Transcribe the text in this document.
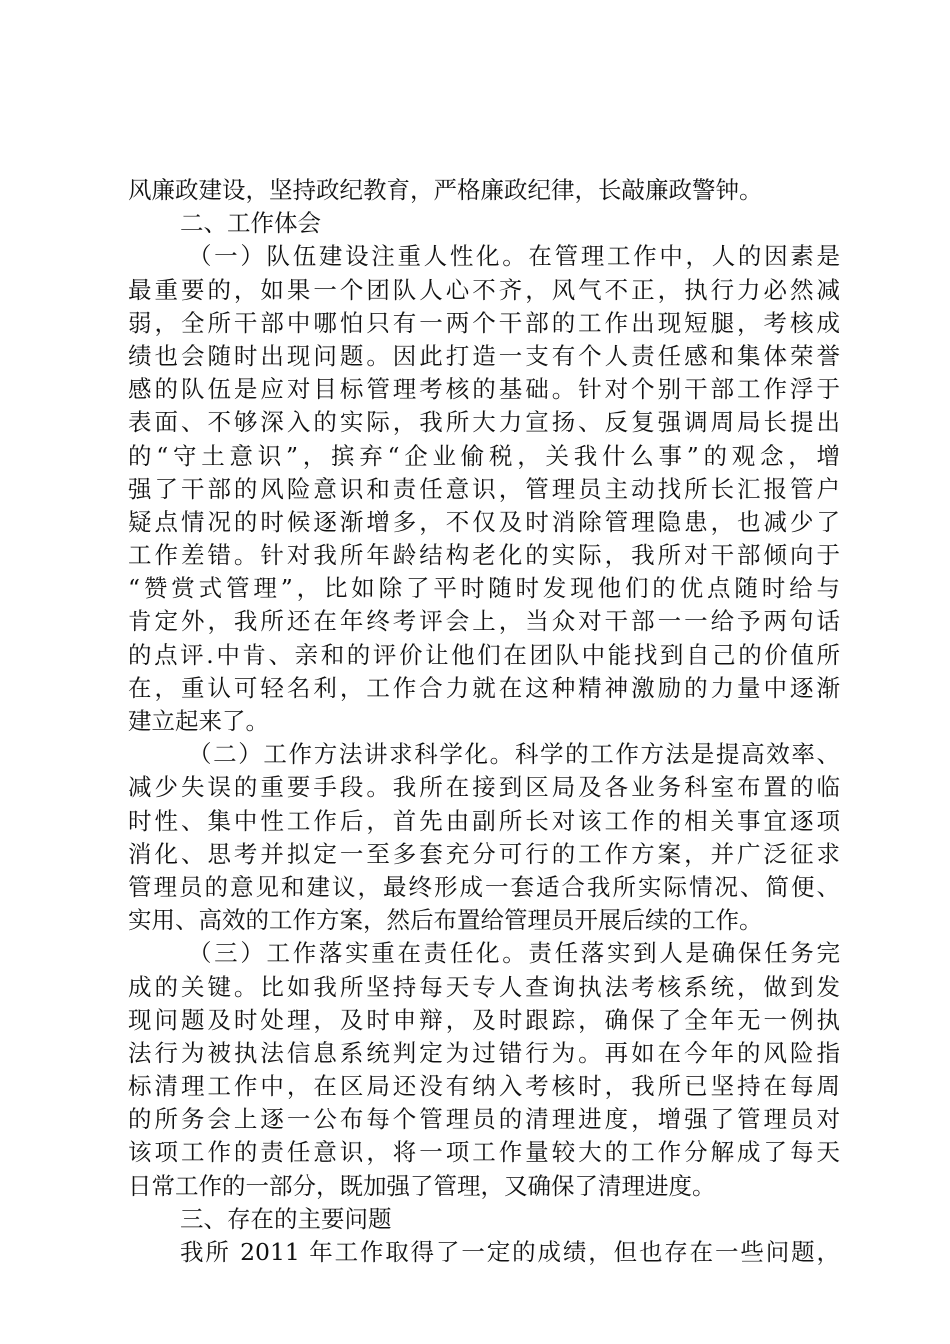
风廉政建设，坚持政纪教育，严格廉政纪律，长敲廉政警钟。
二、工作体会
（一）队伍建设注重人性化。在管理工作中，人的因素是
最重要的，如果一个团队人心不齐，风气不正，执行力必然减
弱，全所干部中哪怕只有一两个干部的工作出现短腿，考核成
绩也会随时出现问题。因此打造一支有个人责任感和集体荣誉
感的队伍是应对目标管理考核的基础。针对个别干部工作浮于
表面、不够深入的实际，我所大力宣扬、反复强调周局长提出
的“守土意识”，摈弃“企业偷税，关我什么事”的观念，增
强了干部的风险意识和责任意识，管理员主动找所长汇报管户
疑点情况的时候逐渐增多，不仅及时消除管理隐患，也减少了
工作差错。针对我所年龄结构老化的实际，我所对干部倾向于
“赞赏式管理”，比如除了平时随时发现他们的优点随时给与
肯定外，我所还在年终考评会上，当众对干部一一给予两句话
的点评.中肯、亲和的评价让他们在团队中能找到自己的价值所
在，重认可轻名利，工作合力就在这种精神激励的力量中逐渐
建立起来了。
（二）工作方法讲求科学化。科学的工作方法是提高效率、
减少失误的重要手段。我所在接到区局及各业务科室布置的临
时性、集中性工作后，首先由副所长对该工作的相关事宜逐项
消化、思考并拟定一至多套充分可行的工作方案，并广泛征求
管理员的意见和建议，最终形成一套适合我所实际情况、简便、
实用、高效的工作方案，然后布置给管理员开展后续的工作。
（三）工作落实重在责任化。责任落实到人是确保任务完
成的关键。比如我所坚持每天专人查询执法考核系统，做到发
现问题及时处理，及时申辩，及时跟踪，确保了全年无一例执
法行为被执法信息系统判定为过错行为。再如在今年的风险指
标清理工作中，在区局还没有纳入考核时，我所已坚持在每周
的所务会上逐一公布每个管理员的清理进度，增强了管理员对
该项工作的责任意识，将一项工作量较大的工作分解成了每天
日常工作的一部分，既加强了管理，又确保了清理进度。
三、存在的主要问题
我所 2011 年工作取得了一定的成绩，但也存在一些问题，
